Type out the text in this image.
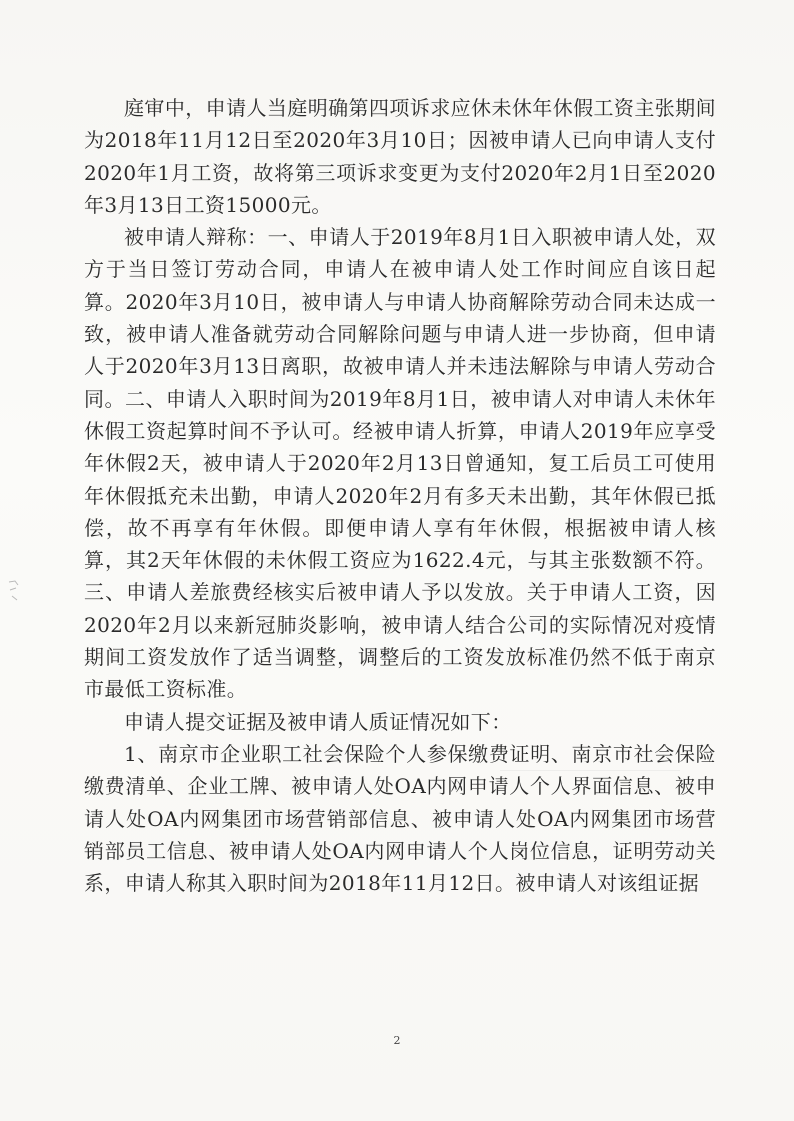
庭审中，申请人当庭明确第四项诉求应休未休年休假工资主张期间为2018年11月12日至2020年3月10日；因被申请人已向申请人支付2020年1月工资，故将第三项诉求变更为支付2020年2月1日至2020年3月13日工资15000元。

被申请人辩称：一、申请人于2019年8月1日入职被申请人处，双方于当日签订劳动合同，申请人在被申请人处工作时间应自该日起算。2020年3月10日，被申请人与申请人协商解除劳动合同未达成一致，被申请人准备就劳动合同解除问题与申请人进一步协商，但申请人于2020年3月13日离职，故被申请人并未违法解除与申请人劳动合同。二、申请人入职时间为2019年8月1日，被申请人对申请人未休年休假工资起算时间不予认可。经被申请人折算，申请人2019年应享受年休假2天，被申请人于2020年2月13日曾通知，复工后员工可使用年休假抵充未出勤，申请人2020年2月有多天未出勤，其年休假已抵偿，故不再享有年休假。即便申请人享有年休假，根据被申请人核算，其2天年休假的未休假工资应为1622.4元，与其主张数额不符。三、申请人差旅费经核实后被申请人予以发放。关于申请人工资，因2020年2月以来新冠肺炎影响，被申请人结合公司的实际情况对疫情期间工资发放作了适当调整，调整后的工资发放标准仍然不低于南京市最低工资标准。

申请人提交证据及被申请人质证情况如下：

1、南京市企业职工社会保险个人参保缴费证明、南京市社会保险缴费清单、企业工牌、被申请人处OA内网申请人个人界面信息、被申请人处OA内网集团市场营销部信息、被申请人处OA内网集团市场营销部员工信息、被申请人处OA内网申请人个人岗位信息，证明劳动关系，申请人称其入职时间为2018年11月12日。被申请人对该组证据

2
